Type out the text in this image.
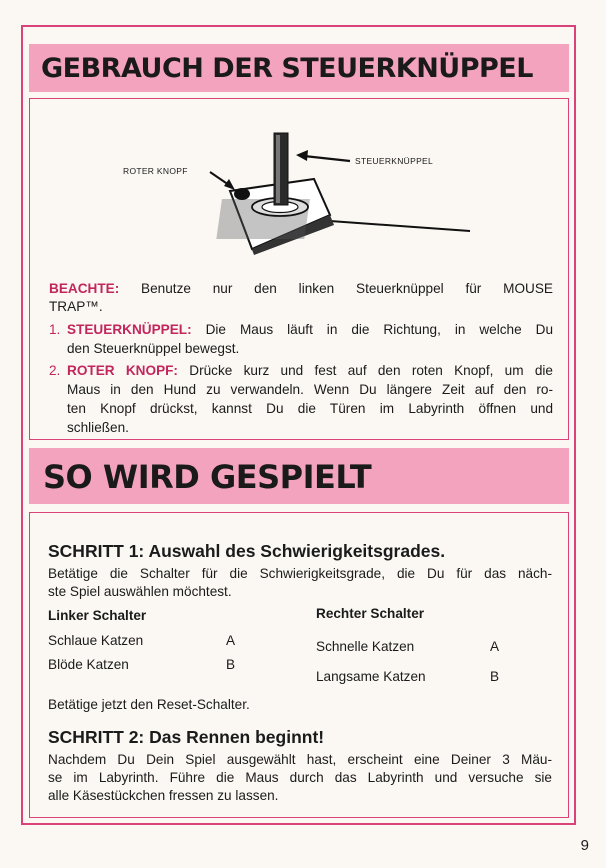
GEBRAUCH DER STEUERKNÜPPEL
ROTER KNOPF
STEUERKNÜPPEL
BEACHTE: Benutze nur den linken Steuerknüppel für MOUSE
TRAP™.
1. STEUERKNÜPPEL: Die Maus läuft in die Richtung, in welche Du
den Steuerknüppel bewegst.
2. ROTER KNOPF: Drücke kurz und fest auf den roten Knopf, um die
Maus in den Hund zu verwandeln. Wenn Du längere Zeit auf den ro-
ten Knopf drückst, kannst Du die Türen im Labyrinth öffnen und
schließen.
SO WIRD GESPIELT
SCHRITT 1: Auswahl des Schwierigkeitsgrades.
Betätige die Schalter für die Schwierigkeitsgrade, die Du für das näch-
ste Spiel auswählen möchtest.
Linker Schalter
Schlaue Katzen	A
Blöde Katzen	B
Rechter Schalter
Schnelle Katzen	A
Langsame Katzen	B
Betätige jetzt den Reset-Schalter.
SCHRITT 2: Das Rennen beginnt!
Nachdem Du Dein Spiel ausgewählt hast, erscheint eine Deiner 3 Mäu-
se im Labyrinth. Führe die Maus durch das Labyrinth und versuche sie
alle Käsestückchen fressen zu lassen.
9
